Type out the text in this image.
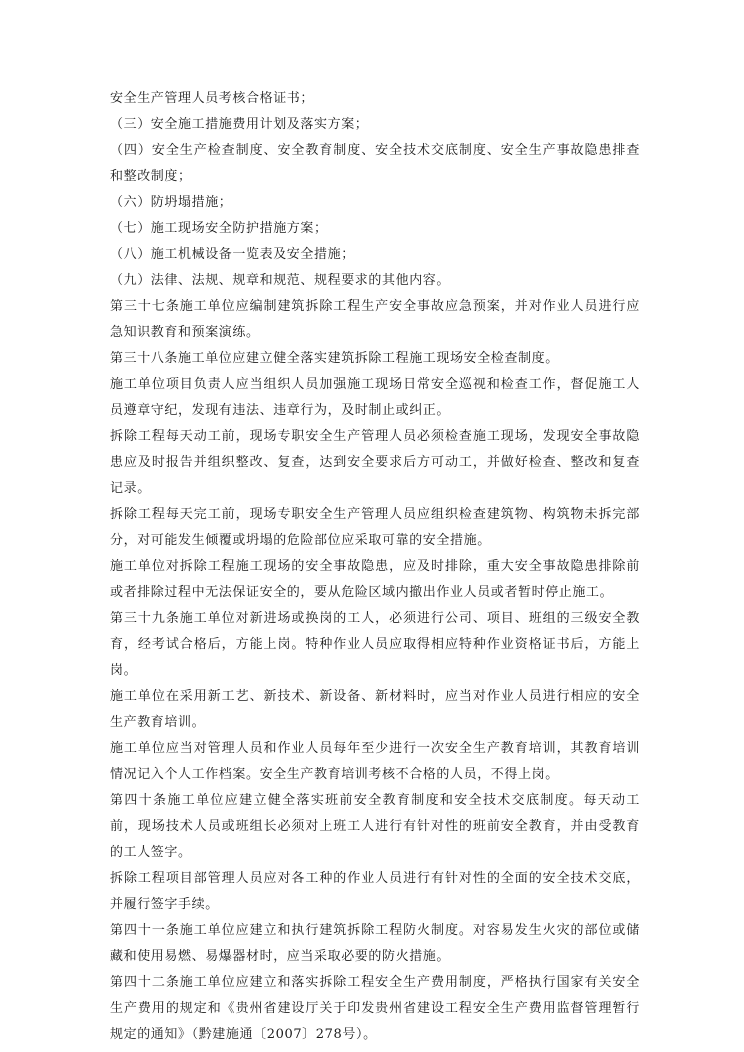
安全生产管理人员考核合格证书；

（三）安全施工措施费用计划及落实方案；

（四）安全生产检查制度、安全教育制度、安全技术交底制度、安全生产事故隐患排查和整改制度；

（六）防坍塌措施；

（七）施工现场安全防护措施方案；

（八）施工机械设备一览表及安全措施；

（九）法律、法规、规章和规范、规程要求的其他内容。

第三十七条施工单位应编制建筑拆除工程生产安全事故应急预案，并对作业人员进行应急知识教育和预案演练。

第三十八条施工单位应建立健全落实建筑拆除工程施工现场安全检查制度。

施工单位项目负责人应当组织人员加强施工现场日常安全巡视和检查工作，督促施工人员遵章守纪，发现有违法、违章行为，及时制止或纠正。

拆除工程每天动工前，现场专职安全生产管理人员必须检查施工现场，发现安全事故隐患应及时报告并组织整改、复查，达到安全要求后方可动工，并做好检查、整改和复查记录。

拆除工程每天完工前，现场专职安全生产管理人员应组织检查建筑物、构筑物未拆完部分，对可能发生倾覆或坍塌的危险部位应采取可靠的安全措施。

施工单位对拆除工程施工现场的安全事故隐患，应及时排除，重大安全事故隐患排除前或者排除过程中无法保证安全的，要从危险区域内撤出作业人员或者暂时停止施工。

第三十九条施工单位对新进场或换岗的工人，必须进行公司、项目、班组的三级安全教育，经考试合格后，方能上岗。特种作业人员应取得相应特种作业资格证书后，方能上岗。

施工单位在采用新工艺、新技术、新设备、新材料时，应当对作业人员进行相应的安全生产教育培训。

施工单位应当对管理人员和作业人员每年至少进行一次安全生产教育培训，其教育培训情况记入个人工作档案。安全生产教育培训考核不合格的人员，不得上岗。

第四十条施工单位应建立健全落实班前安全教育制度和安全技术交底制度。每天动工前，现场技术人员或班组长必须对上班工人进行有针对性的班前安全教育，并由受教育的工人签字。

拆除工程项目部管理人员应对各工种的作业人员进行有针对性的全面的安全技术交底，并履行签字手续。

第四十一条施工单位应建立和执行建筑拆除工程防火制度。对容易发生火灾的部位或储藏和使用易燃、易爆器材时，应当采取必要的防火措施。

第四十二条施工单位应建立和落实拆除工程安全生产费用制度，严格执行国家有关安全生产费用的规定和《贵州省建设厅关于印发贵州省建设工程安全生产费用监督管理暂行规定的通知》（黔建施通〔2007〕278号）。
